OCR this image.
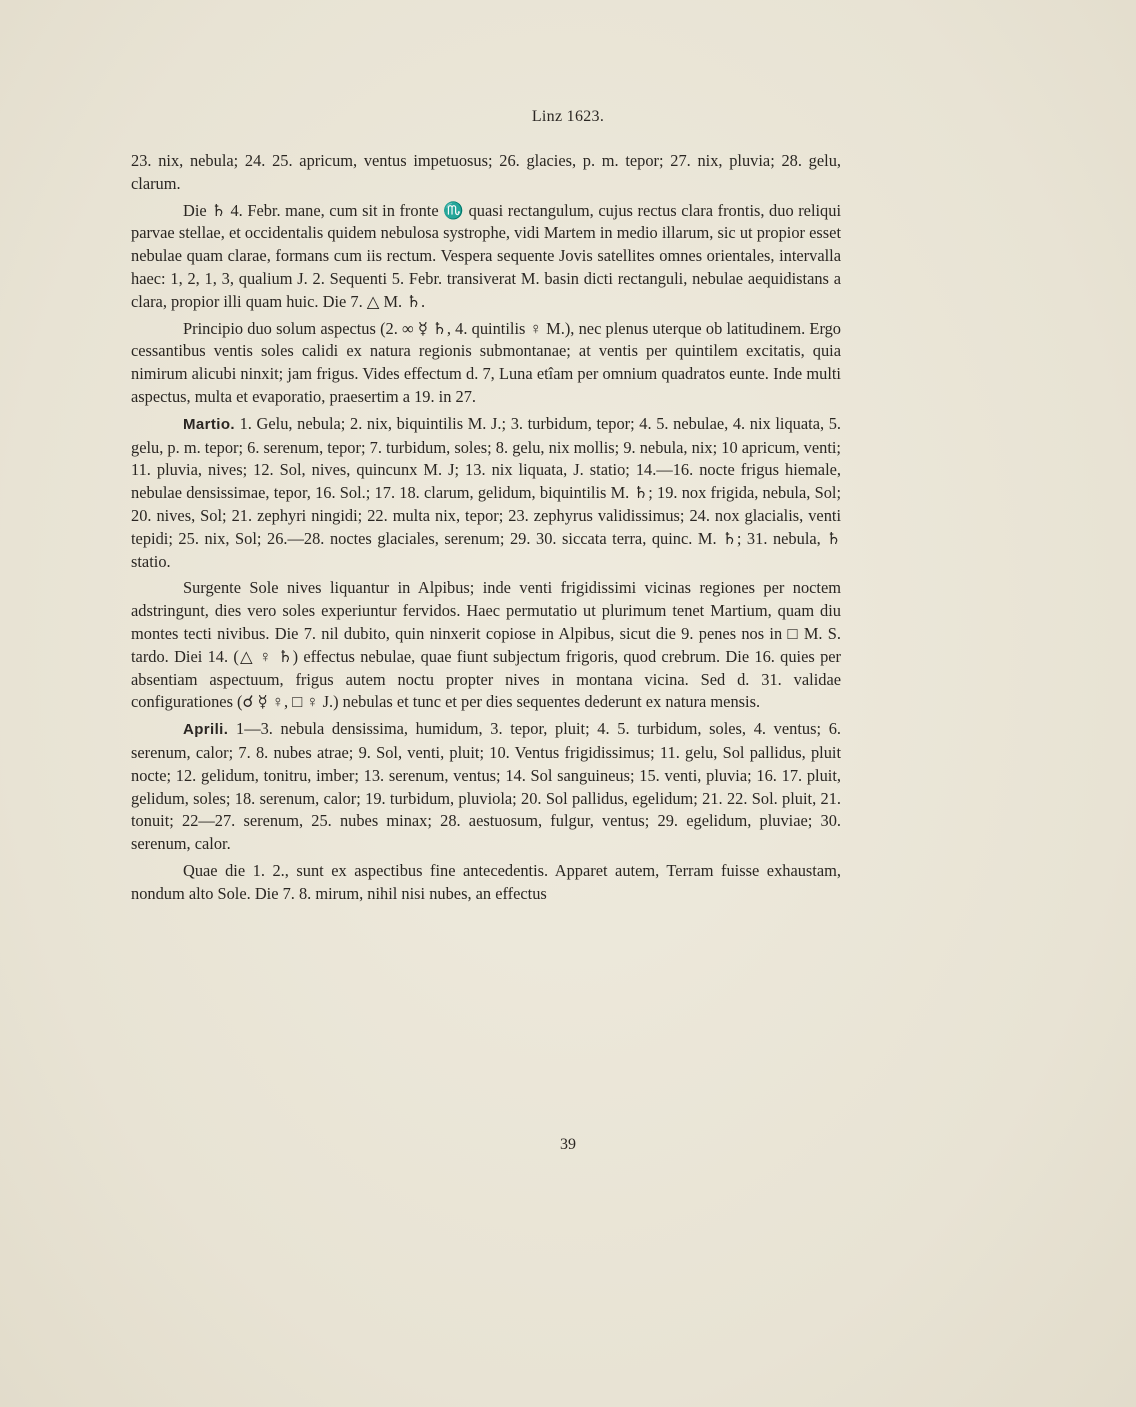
Linz 1623.

23. nix, nebula; 24. 25. apricum, ventus impetuosus; 26. glacies, p. m. tepor; 27. nix, pluvia; 28. gelu, clarum.

Die ♄ 4. Febr. mane, cum sit in fronte ♏ quasi rectangulum, cujus rectus clara frontis, duo reliqui parvae stellae, et occidentalis quidem nebulosa systrophe, vidi Martem in medio illarum, sic ut propior esset nebulae quam clarae, formans cum iis rectum. Vespera sequente Jovis satellites omnes orientales, intervalla haec: 1, 2, 1, 3, qualium J. 2. Sequenti 5. Febr. transiverat M. basin dicti rectanguli, nebulae aequidistans a clara, propior illi quam huic. Die 7. △ M. ♄.

Principio duo solum aspectus (2. ∞ ☿ ♄, 4. quintilis ♀ M.), nec plenus uterque ob latitudinem. Ergo cessantibus ventis soles calidi ex natura regionis submontanae; at ventis per quintilem excitatis, quia nimirum alicubi ninxit; jam frigus. Vides effectum d. 7, Luna etîam per omnium quadratos eunte. Inde multi aspectus, multa et evaporatio, praesertim a 19. in 27.

Martio. 1. Gelu, nebula; 2. nix, biquintilis M. J.; 3. turbidum, tepor; 4. 5. nebulae, 4. nix liquata, 5. gelu, p. m. tepor; 6. serenum, tepor; 7. turbidum, soles; 8. gelu, nix mollis; 9. nebula, nix; 10 apricum, venti; 11. pluvia, nives; 12. Sol, nives, quincunx M. J; 13. nix liquata, J. statio; 14.—16. nocte frigus hiemale, nebulae densissimae, tepor, 16. Sol.; 17. 18. clarum, gelidum, biquintilis M. ♄; 19. nox frigida, nebula, Sol; 20. nives, Sol; 21. zephyri ningidi; 22. multa nix, tepor; 23. zephyrus validissimus; 24. nox glacialis, venti tepidi; 25. nix, Sol; 26.—28. noctes glaciales, serenum; 29. 30. siccata terra, quinc. M. ♄; 31. nebula, ♄ statio.

Surgente Sole nives liquantur in Alpibus; inde venti frigidissimi vicinas regiones per noctem adstringunt, dies vero soles experiuntur fervidos. Haec permutatio ut plurimum tenet Martium, quam diu montes tecti nivibus. Die 7. nil dubito, quin ninxerit copiose in Alpibus, sicut die 9. penes nos in □ M. S. tardo. Diei 14. (△ ♀ ♄) effectus nebulae, quae fiunt subjectum frigoris, quod crebrum. Die 16. quies per absentiam aspectuum, frigus autem noctu propter nives in montana vicina. Sed d. 31. validae configurationes (☌ ☿ ♀, □ ♀ J.) nebulas et tunc et per dies sequentes dederunt ex natura mensis.

Aprili. 1—3. nebula densissima, humidum, 3. tepor, pluit; 4. 5. turbidum, soles, 4. ventus; 6. serenum, calor; 7. 8. nubes atrae; 9. Sol, venti, pluit; 10. Ventus frigidissimus; 11. gelu, Sol pallidus, pluit nocte; 12. gelidum, tonitru, imber; 13. serenum, ventus; 14. Sol sanguineus; 15. venti, pluvia; 16. 17. pluit, gelidum, soles; 18. serenum, calor; 19. turbidum, pluviola; 20. Sol pallidus, egelidum; 21. 22. Sol. pluit, 21. tonuit; 22—27. serenum, 25. nubes minax; 28. aestuosum, fulgur, ventus; 29. egelidum, pluviae; 30. serenum, calor.

Quae die 1. 2., sunt ex aspectibus fine antecedentis. Apparet autem, Terram fuisse exhaustam, nondum alto Sole. Die 7. 8. mirum, nihil nisi nubes, an effectus

39
